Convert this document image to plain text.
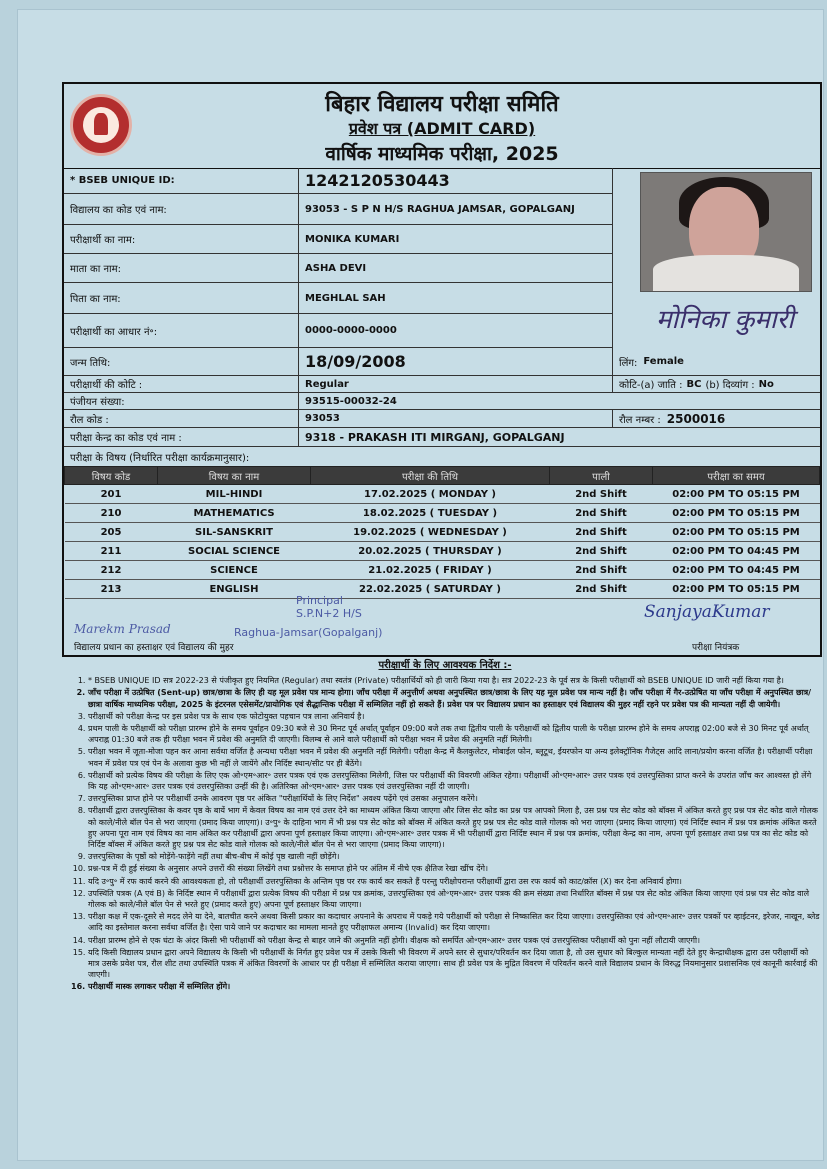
बिहार विद्यालय परीक्षा समिति
प्रवेश पत्र (ADMIT CARD)
वार्षिक माध्यमिक परीक्षा, 2025
* BSEB UNIQUE ID:	1242120530443
विद्यालय का कोड एवं नाम:	93053 - S P N H/S RAGHUA JAMSAR, GOPALGANJ
परीक्षार्थी का नाम:	MONIKA KUMARI
माता का नाम:	ASHA DEVI
पिता का नाम:	MEGHLAL SAH
परीक्षार्थी का आधार नं॰:	0000-0000-0000	मोनिका कुमारी
जन्म तिथि:	18/09/2008	लिंग: Female
परीक्षार्थी की कोटि :	Regular	कोटि-(a) जाति : BC (b) दिव्यांग : No
पंजीयन संख्या:	93515-00032-24
रौल कोड :	93053	रौल नम्बर : 2500016
परीक्षा केन्द्र का कोड एवं नाम :	9318 - PRAKASH ITI MIRGANJ, GOPALGANJ
परीक्षा के विषय (निर्धारित परीक्षा कार्यक्रमानुसार):
विषय कोड	विषय का नाम	परीक्षा की तिथि	पाली	परीक्षा का समय
201	MIL-HINDI	17.02.2025 ( MONDAY )	2nd Shift	02:00 PM TO 05:15 PM
210	MATHEMATICS	18.02.2025 ( TUESDAY )	2nd Shift	02:00 PM TO 05:15 PM
205	SIL-SANSKRIT	19.02.2025 ( WEDNESDAY )	2nd Shift	02:00 PM TO 05:15 PM
211	SOCIAL SCIENCE	20.02.2025 ( THURSDAY )	2nd Shift	02:00 PM TO 04:45 PM
212	SCIENCE	21.02.2025 ( FRIDAY )	2nd Shift	02:00 PM TO 04:45 PM
213	ENGLISH	22.02.2025 ( SATURDAY )	2nd Shift	02:00 PM TO 05:15 PM
Principal
S.P.N+2 H/S
Raghua-Jamsar(Gopalganj)
Marekm Prasad
विद्यालय प्रधान का हस्ताक्षर एवं विद्यालय की मुहर
SanjayaKumar
परीक्षा नियंत्रक
परीक्षार्थी के लिए आवश्यक निर्देश :-
1. * BSEB UNIQUE ID सत्र 2022-23 से पंजीकृत हुए नियमित (Regular) तथा स्वतंत्र (Private) परीक्षार्थियों को ही जारी किया गया है। सत्र 2022-23 के पूर्व सत्र के किसी परीक्षार्थी को BSEB UNIQUE ID जारी नहीं किया गया है।
2. जाँच परीक्षा में उत्प्रेषित (Sent-up) छात्र/छात्रा के लिए ही यह मूल प्रवेश पत्र मान्य होगा। जाँच परीक्षा में अनुत्तीर्ण अथवा अनुपस्थित छात्र/छात्रा के लिए यह मूल प्रवेश पत्र मान्य नहीं है। जाँच परीक्षा में गैर-उत्प्रेषित या जाँच परीक्षा में अनुपस्थित छात्र/छात्रा वार्षिक माध्यमिक परीक्षा, 2025 के इंटरनल एसेसमेंट/प्रायोगिक एवं सैद्धान्तिक परीक्षा में सम्मिलित नहीं हो सकते हैं। प्रवेश पत्र पर विद्यालय प्रधान का हस्ताक्षर एवं विद्यालय की मुहर नहीं रहने पर प्रवेश पत्र की मान्यता नहीं दी जायेगी।
3. परीक्षार्थी को परीक्षा केन्द्र पर इस प्रवेश पत्र के साथ एक फोटोयुक्त पहचान पत्र लाना अनिवार्य है।
4. प्रथम पाली के परीक्षार्थी को परीक्षा प्रारम्भ होने के समय पूर्वाहन 09:30 बजे से 30 मिनट पूर्व अर्थात् पूर्वाहन 09:00 बजे तक तथा द्वितीय पाली के परीक्षार्थी को द्वितीय पाली के परीक्षा प्रारम्भ होने के समय अपराह्न 02:00 बजे से 30 मिनट पूर्व अर्थात् अपराह्न 01:30 बजे तक ही परीक्षा भवन में प्रवेश की अनुमति दी जाएगी। विलम्ब से आने वाले परीक्षार्थी को परीक्षा भवन में प्रवेश की अनुमति नहीं मिलेगी।
5. परीक्षा भवन में जूता-मोजा पहन कर आना सर्वथा वर्जित है अन्यथा परीक्षा भवन में प्रवेश की अनुमति नहीं मिलेगी। परीक्षा केन्द्र में कैलकुलेटर, मोबाईल फोन, ब्लूटूथ, ईयरफोन या अन्य इलेक्ट्रॉनिक गैजेट्स आदि लाना/प्रयोग करना वर्जित है। परीक्षार्थी परीक्षा भवन में प्रवेश पत्र एवं पेन के अलावा कुछ भी नहीं ले जायेंगे और निर्दिष्ट स्थान/सीट पर ही बैठेंगे।
6. परीक्षार्थी को प्रत्येक विषय की परीक्षा के लिए एक ओ॰एम॰आर॰ उत्तर पत्रक एवं एक उत्तरपुस्तिका मिलेगी, जिस पर परीक्षार्थी की विवरणी अंकित रहेगा। परीक्षार्थी ओ॰एम॰आर॰ उत्तर पत्रक एवं उत्तरपुस्तिका प्राप्त करने के उपरांत जाँच कर आश्वस्त हो लेंगे कि यह ओ॰एम॰आर॰ उत्तर पत्रक एवं उत्तरपुस्तिका उन्हीं की है। अतिरिक्त ओ॰एम॰आर॰ उत्तर पत्रक एवं उत्तरपुस्तिका नहीं दी जाएगी।
7. उत्तरपुस्तिका प्राप्त होने पर परीक्षार्थी उनके आवरण पृष्ठ पर अंकित "परीक्षार्थियों के लिए निर्देश" अवश्य पढ़ेंगे एवं उसका अनुपालन करेंगे।
8. परीक्षार्थी द्वारा उत्तरपुस्तिका के कवर पृष्ठ के बायें भाग में केवल विषय का नाम एवं उत्तर देने का माध्यम अंकित किया जाएगा और जिस सेट कोड का प्रश्न पत्र आपको मिला है, उस प्रश्न पत्र सेट कोड को बॉक्स में अंकित करते हुए प्रश्न पत्र सेट कोड वाले गोलक को काले/नीले बॉल पेन से भरा जाएगा (प्रमाद किया जाएगा)। उ॰पु॰ के दाहिना भाग में भी प्रश्न पत्र सेट कोड को बॉक्स में अंकित करते हुए प्रश्न पत्र सेट कोड वाले गोलक को भरा जाएगा (प्रमाद किया जाएगा) एवं निर्दिष्ट स्थान में प्रश्न पत्र क्रमांक अंकित करते हुए अपना पूरा नाम एवं विषय का नाम अंकित कर परीक्षार्थी द्वारा अपना पूर्ण हस्ताक्षर किया जाएगा। ओ॰एम॰आर॰ उत्तर पत्रक में भी परीक्षार्थी द्वारा निर्दिष्ट स्थान में प्रश्न पत्र क्रमांक, परीक्षा केन्द्र का नाम, अपना पूर्ण हस्ताक्षर तथा प्रश्न पत्र का सेट कोड को निर्दिष्ट बॉक्स में अंकित करते हुए प्रश्न पत्र सेट कोड वाले गोलक को काले/नीले बॉल पेन से भरा जाएगा (प्रमाद किया जाएगा)।
9. उत्तरपुस्तिका के पृष्ठों को मोड़ेंगे-फाड़ेंगे नहीं तथा बीच-बीच में कोई पृष्ठ खाली नहीं छोड़ेंगे।
10. प्रश्न-पत्र में दी हुई संख्या के अनुसार अपने उत्तरों की संख्या लिखेंगे तथा प्रश्नोत्तर के समाप्त होने पर अंतिम में नीचे एक क्षैतिज रेखा खींच देंगे।
11. यदि उ॰पु॰ में रफ कार्य करने की आवश्यकता हो, तो परीक्षार्थी उत्तरपुस्तिका के अन्तिम पृष्ठ पर रफ कार्य कर सकते हैं परन्तु परीक्षोपरान्त परीक्षार्थी द्वारा उस रफ कार्य को काट/क्रॉस (X) कर देना अनिवार्य होगा।
12. उपस्थिति पत्रक (A एवं B) के निर्दिष्ट स्थान में परीक्षार्थी द्वारा प्रत्येक विषय की परीक्षा में प्रश्न पत्र क्रमांक, उत्तरपुस्तिका एवं ओ॰एम॰आर॰ उत्तर पत्रक की क्रम संख्या तथा निर्धारित बॉक्स में प्रश्न पत्र सेट कोड अंकित किया जाएगा एवं प्रश्न पत्र सेट कोड वाले गोलक को काले/नीले बॉल पेन से भरते हुए (प्रमाद करते हुए) अपना पूर्ण हस्ताक्षर किया जाएगा।
13. परीक्षा कक्ष में एक-दूसरे से मदद लेने या देने, बातचीत करने अथवा किसी प्रकार का कदाचार अपनाने के अपराध में पकड़े गये परीक्षार्थी को परीक्षा से निष्कासित कर दिया जाएगा। उत्तरपुस्तिका एवं ओ॰एम॰आर॰ उत्तर पत्रकों पर व्हाईटनर, इरेजर, नाखून, ब्लेड आदि का इस्तेमाल करना सर्वथा वर्जित है। ऐसा पाये जाने पर कदाचार का मामला मानते हुए परीक्षाफल अमान्य (Invalid) कर दिया जाएगा।
14. परीक्षा प्रारम्भ होने से एक घंटा के अंदर किसी भी परीक्षार्थी को परीक्षा केन्द्र से बाहर जाने की अनुमति नहीं होगी। वीक्षक को समर्पित ओ॰एम॰आर॰ उत्तर पत्रक एवं उत्तरपुस्तिका परीक्षार्थी को पुनः नहीं लौटायी जाएगी।
15. यदि किसी विद्यालय प्रधान द्वारा अपने विद्यालय के किसी भी परीक्षार्थी के निर्गत हुए प्रवेश पत्र में उसके किसी भी विवरण में अपने स्तर से सुधार/परिवर्तन कर दिया जाता है, तो उस सुधार को बिल्कुल मान्यता नहीं देते हुए केन्द्राधीक्षक द्वारा उस परीक्षार्थी को मात्र उसके प्रवेश पत्र, रौल शीट तथा उपस्थिति पत्रक में अंकित विवरणों के आधार पर ही परीक्षा में सम्मिलित कराया जाएगा। साथ ही प्रवेश पत्र के मुद्रित विवरण में परिवर्तन करने वाले विद्यालय प्रधान के विरुद्ध नियमानुसार प्रशासनिक एवं कानूनी कार्रवाई की जाएगी।
16. परीक्षार्थी मास्क लगाकर परीक्षा में सम्मिलित होंगे।
